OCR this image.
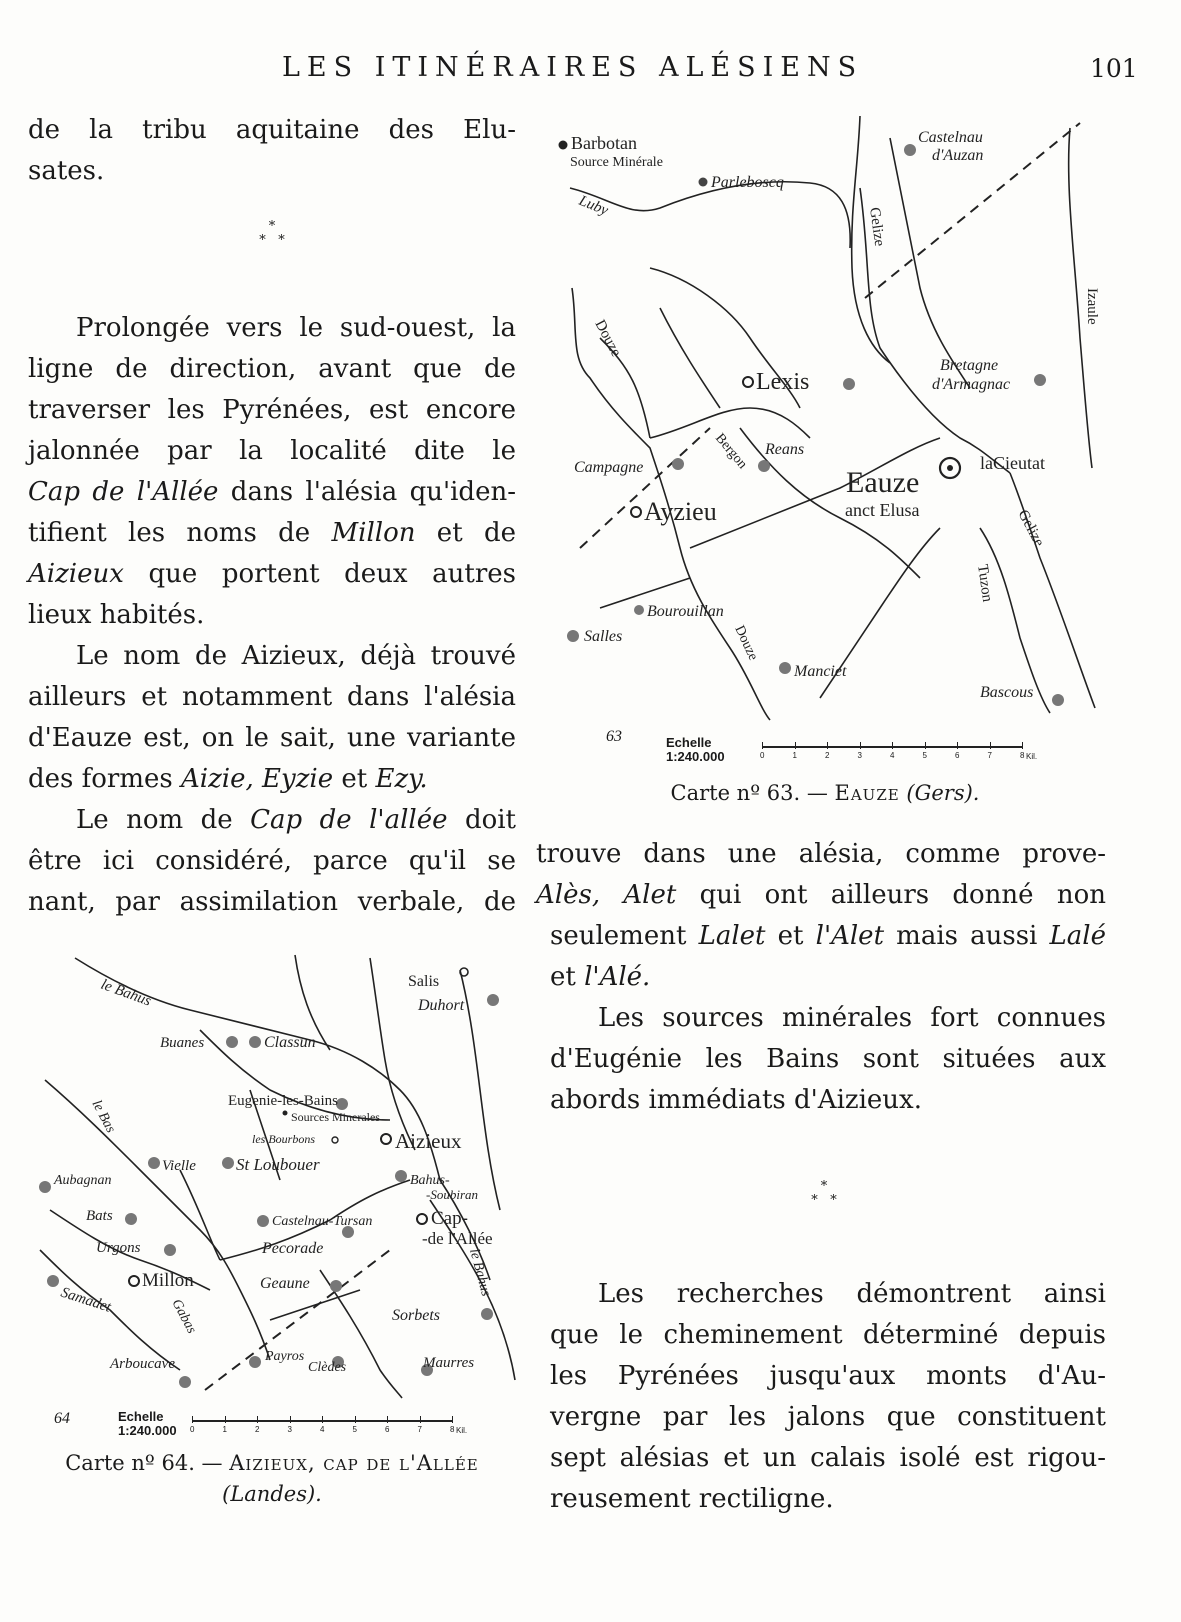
LES ITINÉRAIRES ALÉSIENS	101

de la tribu aquitaine des Elu-

sates.

*
* *

Prolongée vers le sud-ouest, la

ligne de direction, avant que de

traverser les Pyrénées, est encore

jalonnée par la localité dite le

Cap de l'Allée dans l'alésia qu'iden-

tifient les noms de Millon et de

Aizieux que portent deux autres

lieux habités.

Le nom de Aizieux, déjà trouvé

ailleurs et notamment dans l'alésia

d'Eauze est, on le sait, une variante

des formes Aizie, Eyzie et Ezy.

Le nom de Cap de l'allée doit

être ici considéré, parce qu'il se

nant, par assimilation verbale, de

Barbotan
Source Minérale
Castelnau
d'Auzan
Parleboscq
Luby
Gelize
Izaule
Douze
Lexis
Bretagne
d'Armagnac
Bergon Reans
Campagne	Eauze
anct Elusa
laCieutat
Ayzieu	Gelize
Tuzon
Bourouillan
Salles	Douze
Manciet
Bascous
63	Echelle
1:240.000	0	1	2	3	4	5	6	7	8 Kil.
Carte nº 63. — Eauze (Gers).

trouve dans une alésia, comme prove-

Alès, Alet qui ont ailleurs donné non

seulement Lalet et l'Alet mais aussi Lalé

et l'Alé.

Les sources minérales fort connues

d'Eugénie les Bains sont situées aux

abords immédiats d'Aizieux.

*
* *

Les recherches démontrent ainsi

que le cheminement déterminé depuis

les Pyrénées jusqu'aux monts d'Au-

vergne par les jalons que constituent

sept alésias et un calais isolé est rigou-

reusement rectiligne.

Salis
Duhort
le Bahus
Buanes	Classun
Eugenie-les-Bains
Sources Minerales
le Bas
les Bourbons	Aizieux
Aubagnan
Vielle St Loubouer
Bahus-
-Soubiran
Bats	Castelnau-Tursan	Cap-
-de l'Allée
Urgons	Pecorade	le Bahus
Millon	Geaune
Samadet	Gabas	Sorbets
Arboucave	Payros
Clèdes	Maurres
64	Echelle
1:240.000 0	1	2	3	4	5	6	7	8 Kil.
Carte nº 64. — Aizieux, cap de l'Allée
(Landes).
